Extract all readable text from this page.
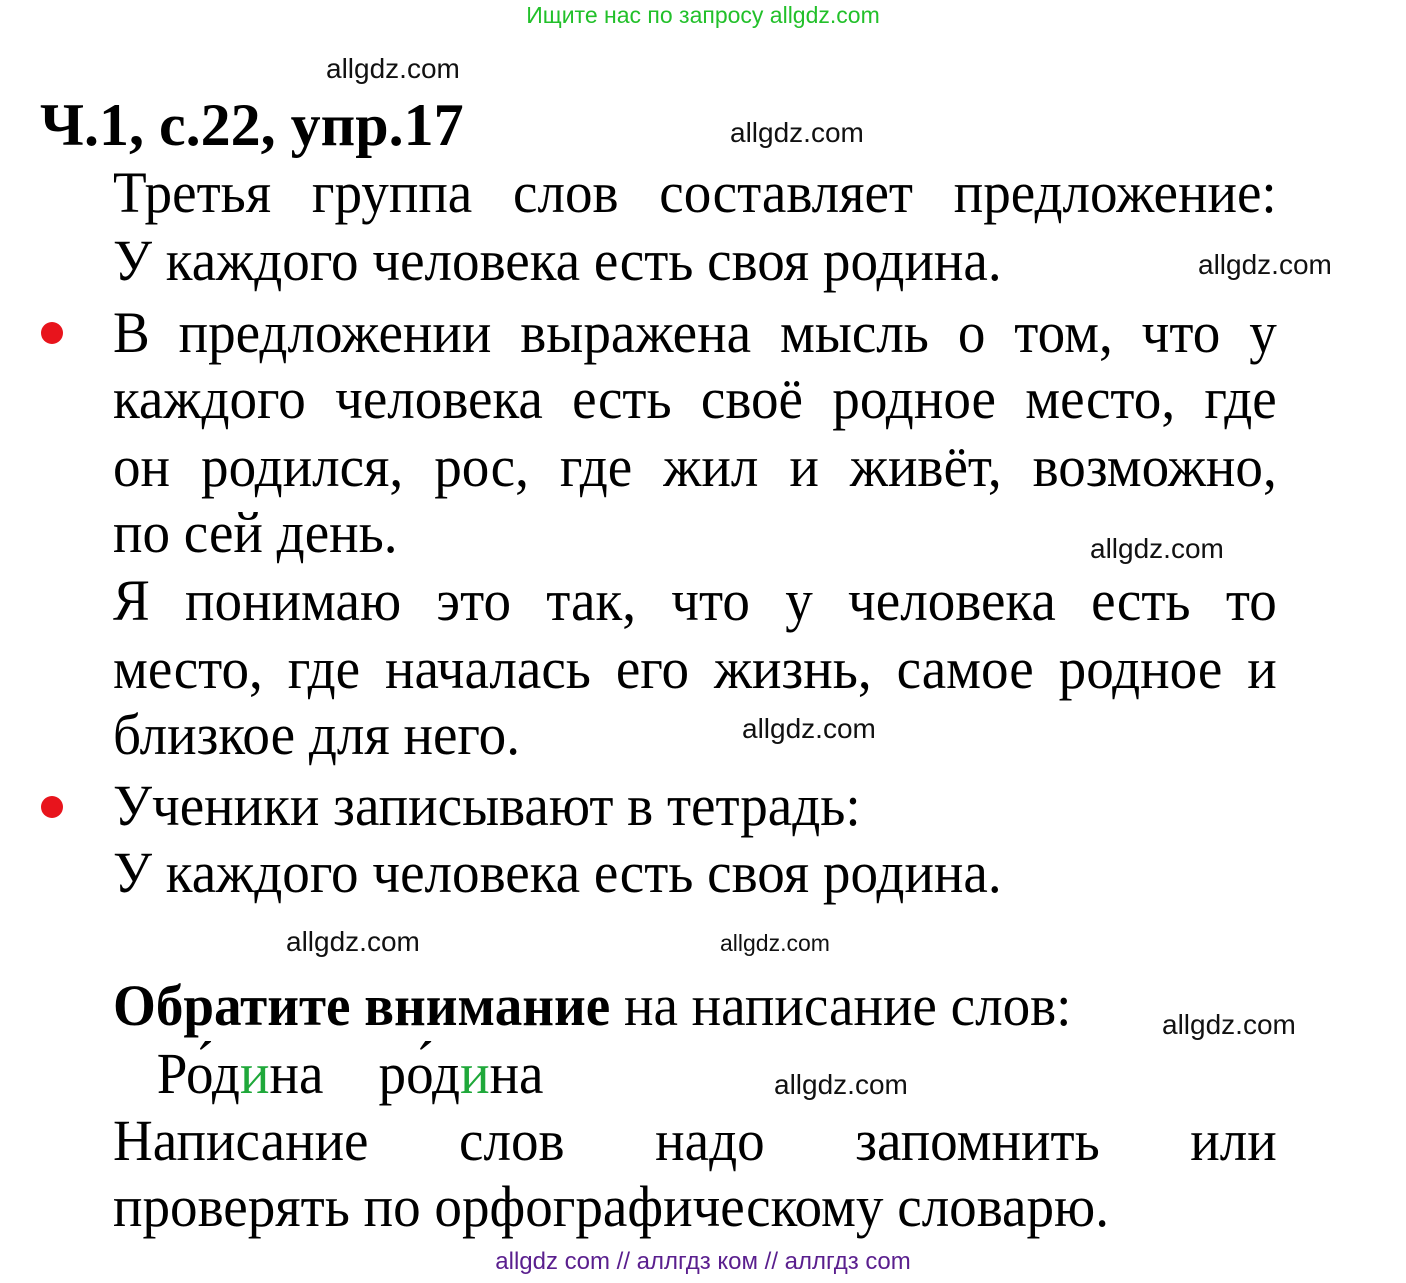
Ищите нас по запросу allgdz.com
allgdz.com
allgdz.com
allgdz.com
allgdz.com
allgdz.com
allgdz.com
allgdz.com
allgdz.com
allgdz.com
Ч.1, с.22, упр.17
Третья группа слов составляет предложение:
У каждого человека есть своя родина.
В предложении выражена мысль о том, что у
каждого человека есть своё родное место, где
он родился, рос, где жил и живёт, возможно,
по сей день.
Я понимаю это так, что у человека есть то
место, где началась его жизнь, самое родное и
близкое для него.
Ученики записывают в тетрадь:
У каждого человека есть своя родина.
Обратите внимание на написание слов:
Ро́дина ро́дина
Написание слов надо запомнить или
проверять по орфографическому словарю.
allgdz com // аллгдз ком // аллгдз com
